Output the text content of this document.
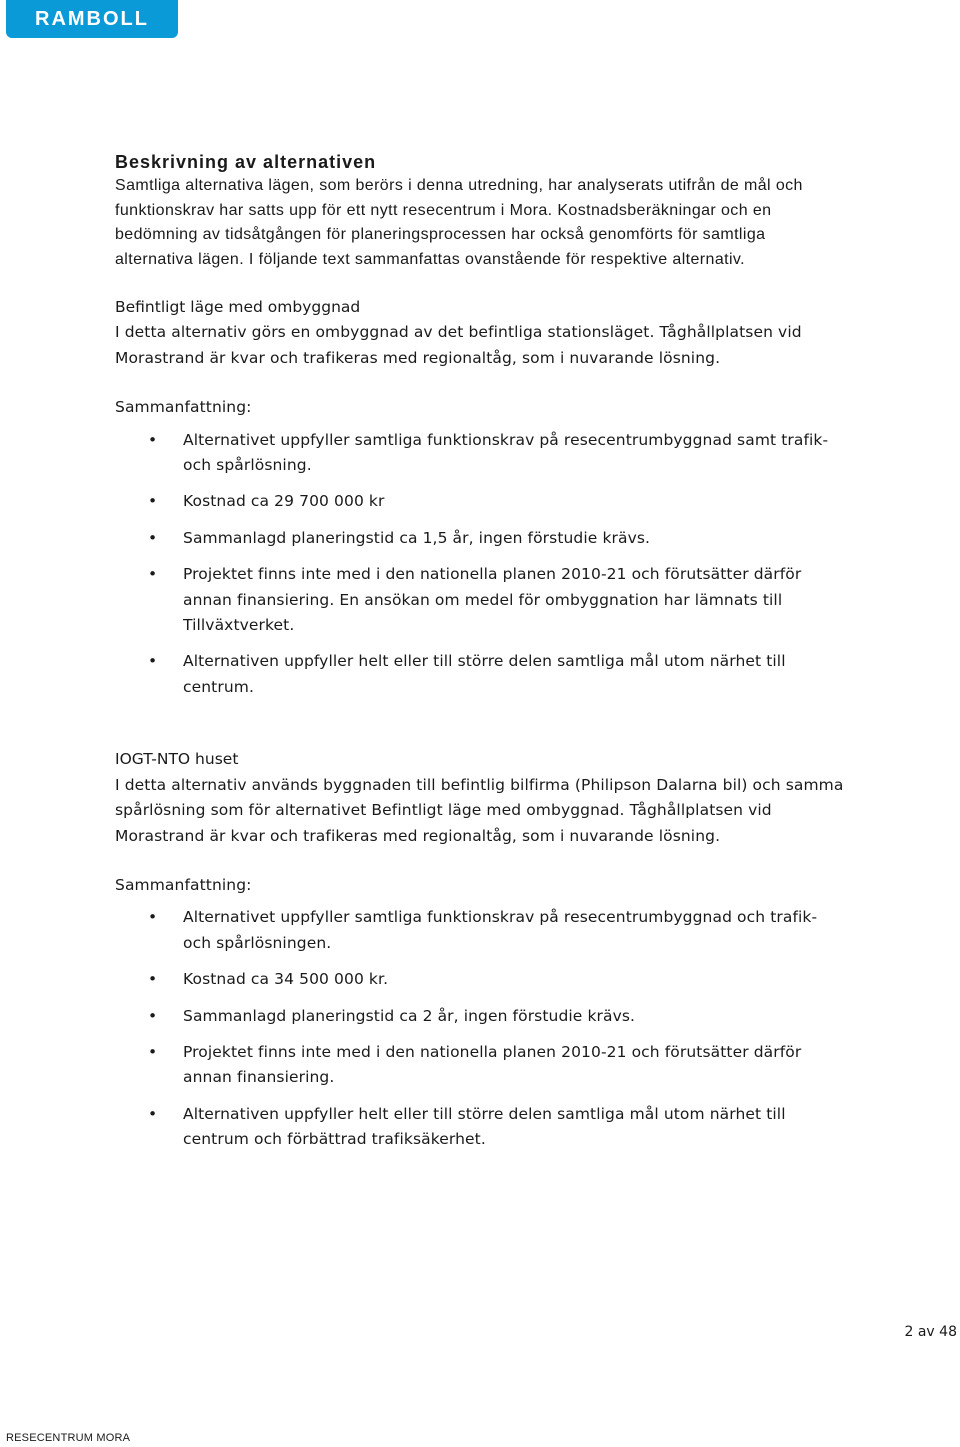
RAMBOLL
Beskrivning av alternativen

Samtliga alternativa lägen, som berörs i denna utredning, har analyserats utifrån de mål och funktionskrav har satts upp för ett nytt resecentrum i Mora. Kostnadsberäkningar och en bedömning av tidsåtgången för planeringsprocessen har också genomförts för samtliga alternativa lägen. I följande text sammanfattas ovanstående för respektive alternativ.

Befintligt läge med ombyggnad

I detta alternativ görs en ombyggnad av det befintliga stationsläget. Tåghållplatsen vid Morastrand är kvar och trafikeras med regionaltåg, som i nuvarande lösning.

Sammanfattning:

• Alternativet uppfyller samtliga funktionskrav på resecentrumbyggnad samt trafik- och spårlösning.
• Kostnad ca 29 700 000 kr
• Sammanlagd planeringstid ca 1,5 år, ingen förstudie krävs.
• Projektet finns inte med i den nationella planen 2010-21 och förutsätter därför annan finansiering. En ansökan om medel för ombyggnation har lämnats till Tillväxtverket.
• Alternativen uppfyller helt eller till större delen samtliga mål utom närhet till centrum.
IOGT-NTO huset

I detta alternativ används byggnaden till befintlig bilfirma (Philipson Dalarna bil) och samma spårlösning som för alternativet Befintligt läge med ombyggnad. Tåghållplatsen vid Morastrand är kvar och trafikeras med regionaltåg, som i nuvarande lösning.

Sammanfattning:

• Alternativet uppfyller samtliga funktionskrav på resecentrumbyggnad och trafik- och spårlösningen.
• Kostnad ca 34 500 000 kr.
• Sammanlagd planeringstid ca 2 år, ingen förstudie krävs.
• Projektet finns inte med i den nationella planen 2010-21 och förutsätter därför annan finansiering.
• Alternativen uppfyller helt eller till större delen samtliga mål utom närhet till centrum och förbättrad trafiksäkerhet.
2 av 48
RESECENTRUM MORA
